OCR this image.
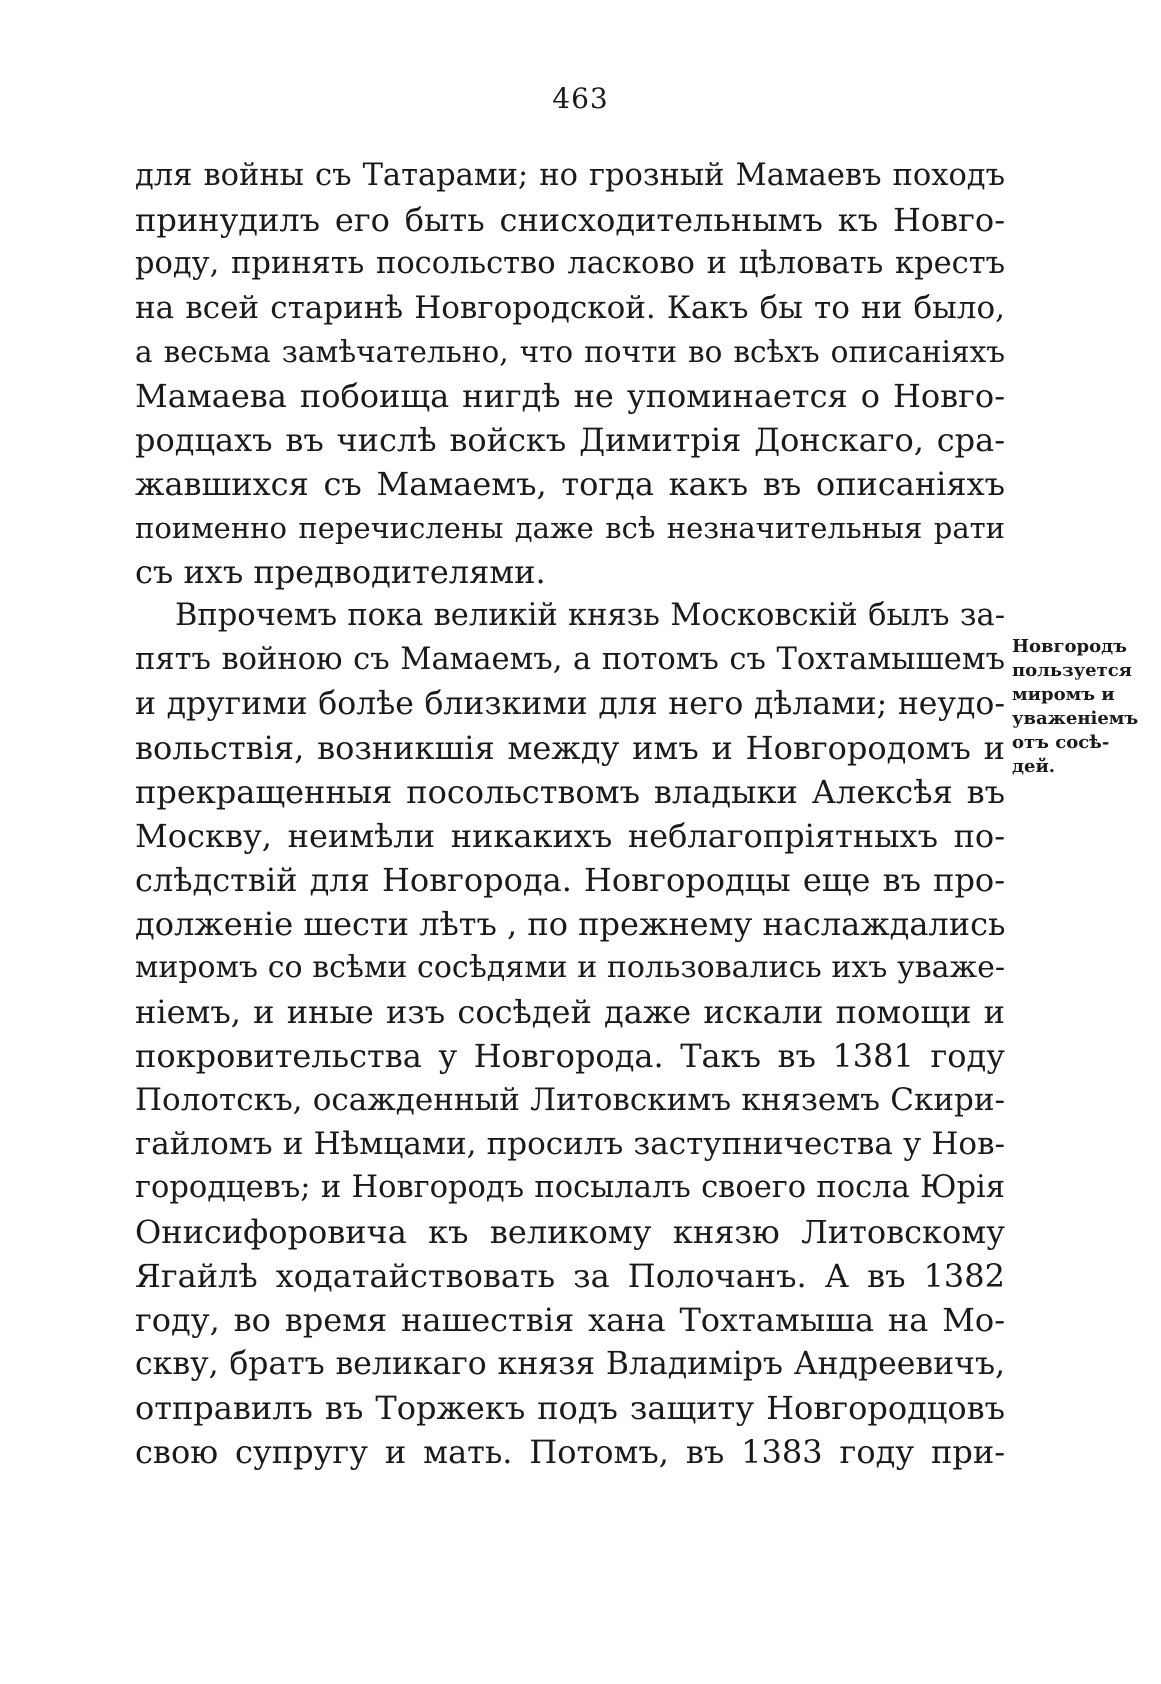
463
для войны съ Татарами; но грозный Мамаевъ походъ
принудилъ его быть снисходительнымъ къ Новго-
роду, принять посольство ласково и цѣловать крестъ
на всей старинѣ Новгородской. Какъ бы то ни было,
а весьма замѣчательно, что почти во всѣхъ описаніяхъ
Мамаева побоища нигдѣ не упоминается о Новго-
родцахъ въ числѣ войскъ Димитрія Донскаго, сра-
жавшихся съ Мамаемъ, тогда какъ въ описаніяхъ
поименно перечислены даже всѣ незначительныя рати
съ ихъ предводителями.
Впрочемъ пока великій князь Московскій былъ за-
пятъ войною съ Мамаемъ, а потомъ съ Тохтамышемъ
и другими болѣе близкими для него дѣлами; неудо-
вольствія, возникшія между имъ и Новгородомъ и
прекращенныя посольствомъ владыки Алексѣя въ
Москву, неимѣли никакихъ неблагопріятныхъ по-
слѣдствій для Новгорода. Новгородцы еще въ про-
долженіе шести лѣтъ , по прежнему наслаждались
миромъ со всѣми сосѣдями и пользовались ихъ уваже-
ніемъ, и иные изъ сосѣдей даже искали помощи и
покровительства у Новгорода. Такъ въ 1381 году
Полотскъ, осажденный Литовскимъ княземъ Скири-
гайломъ и Нѣмцами, просилъ заступничества у Нов-
городцевъ; и Новгородъ посылалъ своего посла Юрія
Онисифоровича къ великому князю Литовскому
Ягайлѣ ходатайствовать за Полочанъ. А въ 1382
году, во время нашествія хана Тохтамыша на Мо-
скву, братъ великаго князя Владиміръ Андреевичъ,
отправилъ въ Торжекъ подъ защиту Новгородцовъ
свою супругу и мать. Потомъ, въ 1383 году при-
Новгородъ
пользуется
миромъ и
уваженіемъ
отъ сосѣ-
дей.
